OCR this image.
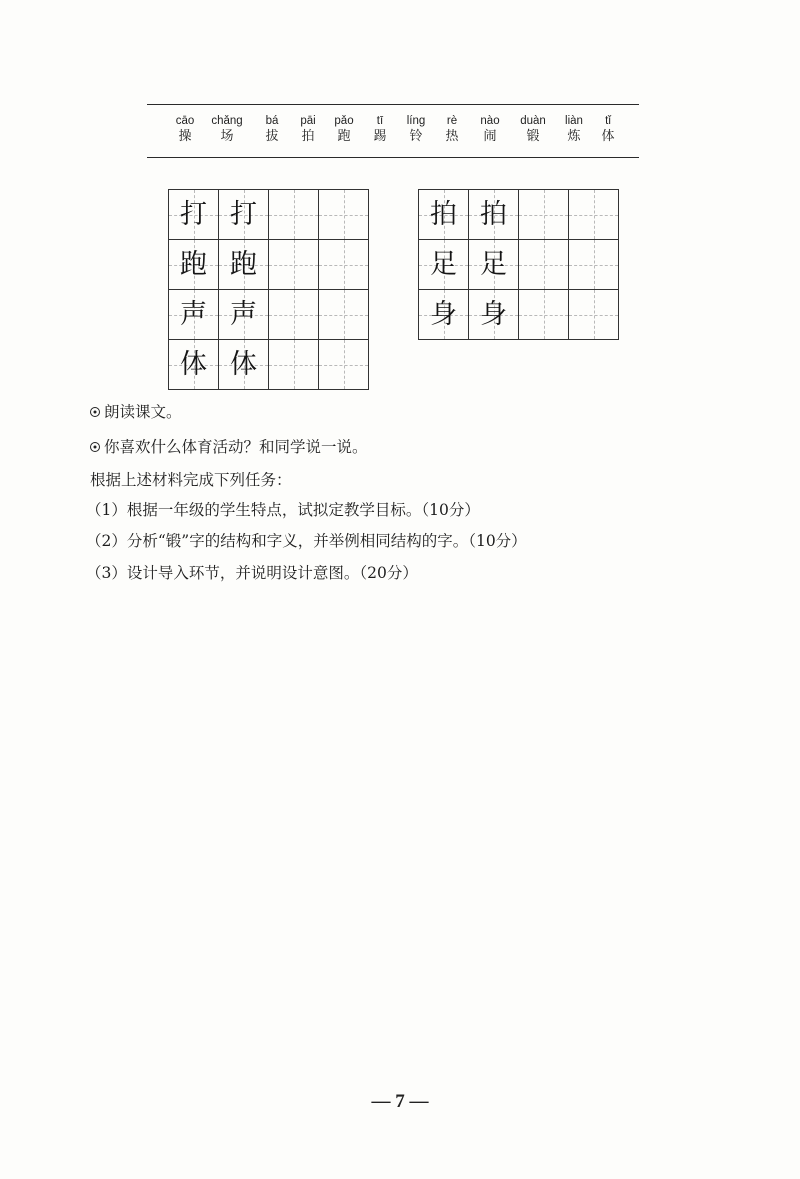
cāo
操
chǎng
场
bá
拔
pāi
拍
pǎo
跑
tī
踢
líng
铃
rè
热
nào
闹
duàn
锻
liàn
炼
tǐ
体
打 打
跑 跑
声 声
体 体
拍 拍
足 足
身 身
朗读课文。
你喜欢什么体育活动？和同学说一说。
根据上述材料完成下列任务：
（1）根据一年级的学生特点，试拟定教学目标。（10分）
（2）分析“锻”字的结构和字义，并举例相同结构的字。（10分）
（3）设计导入环节，并说明设计意图。（20分）
— 7 —
